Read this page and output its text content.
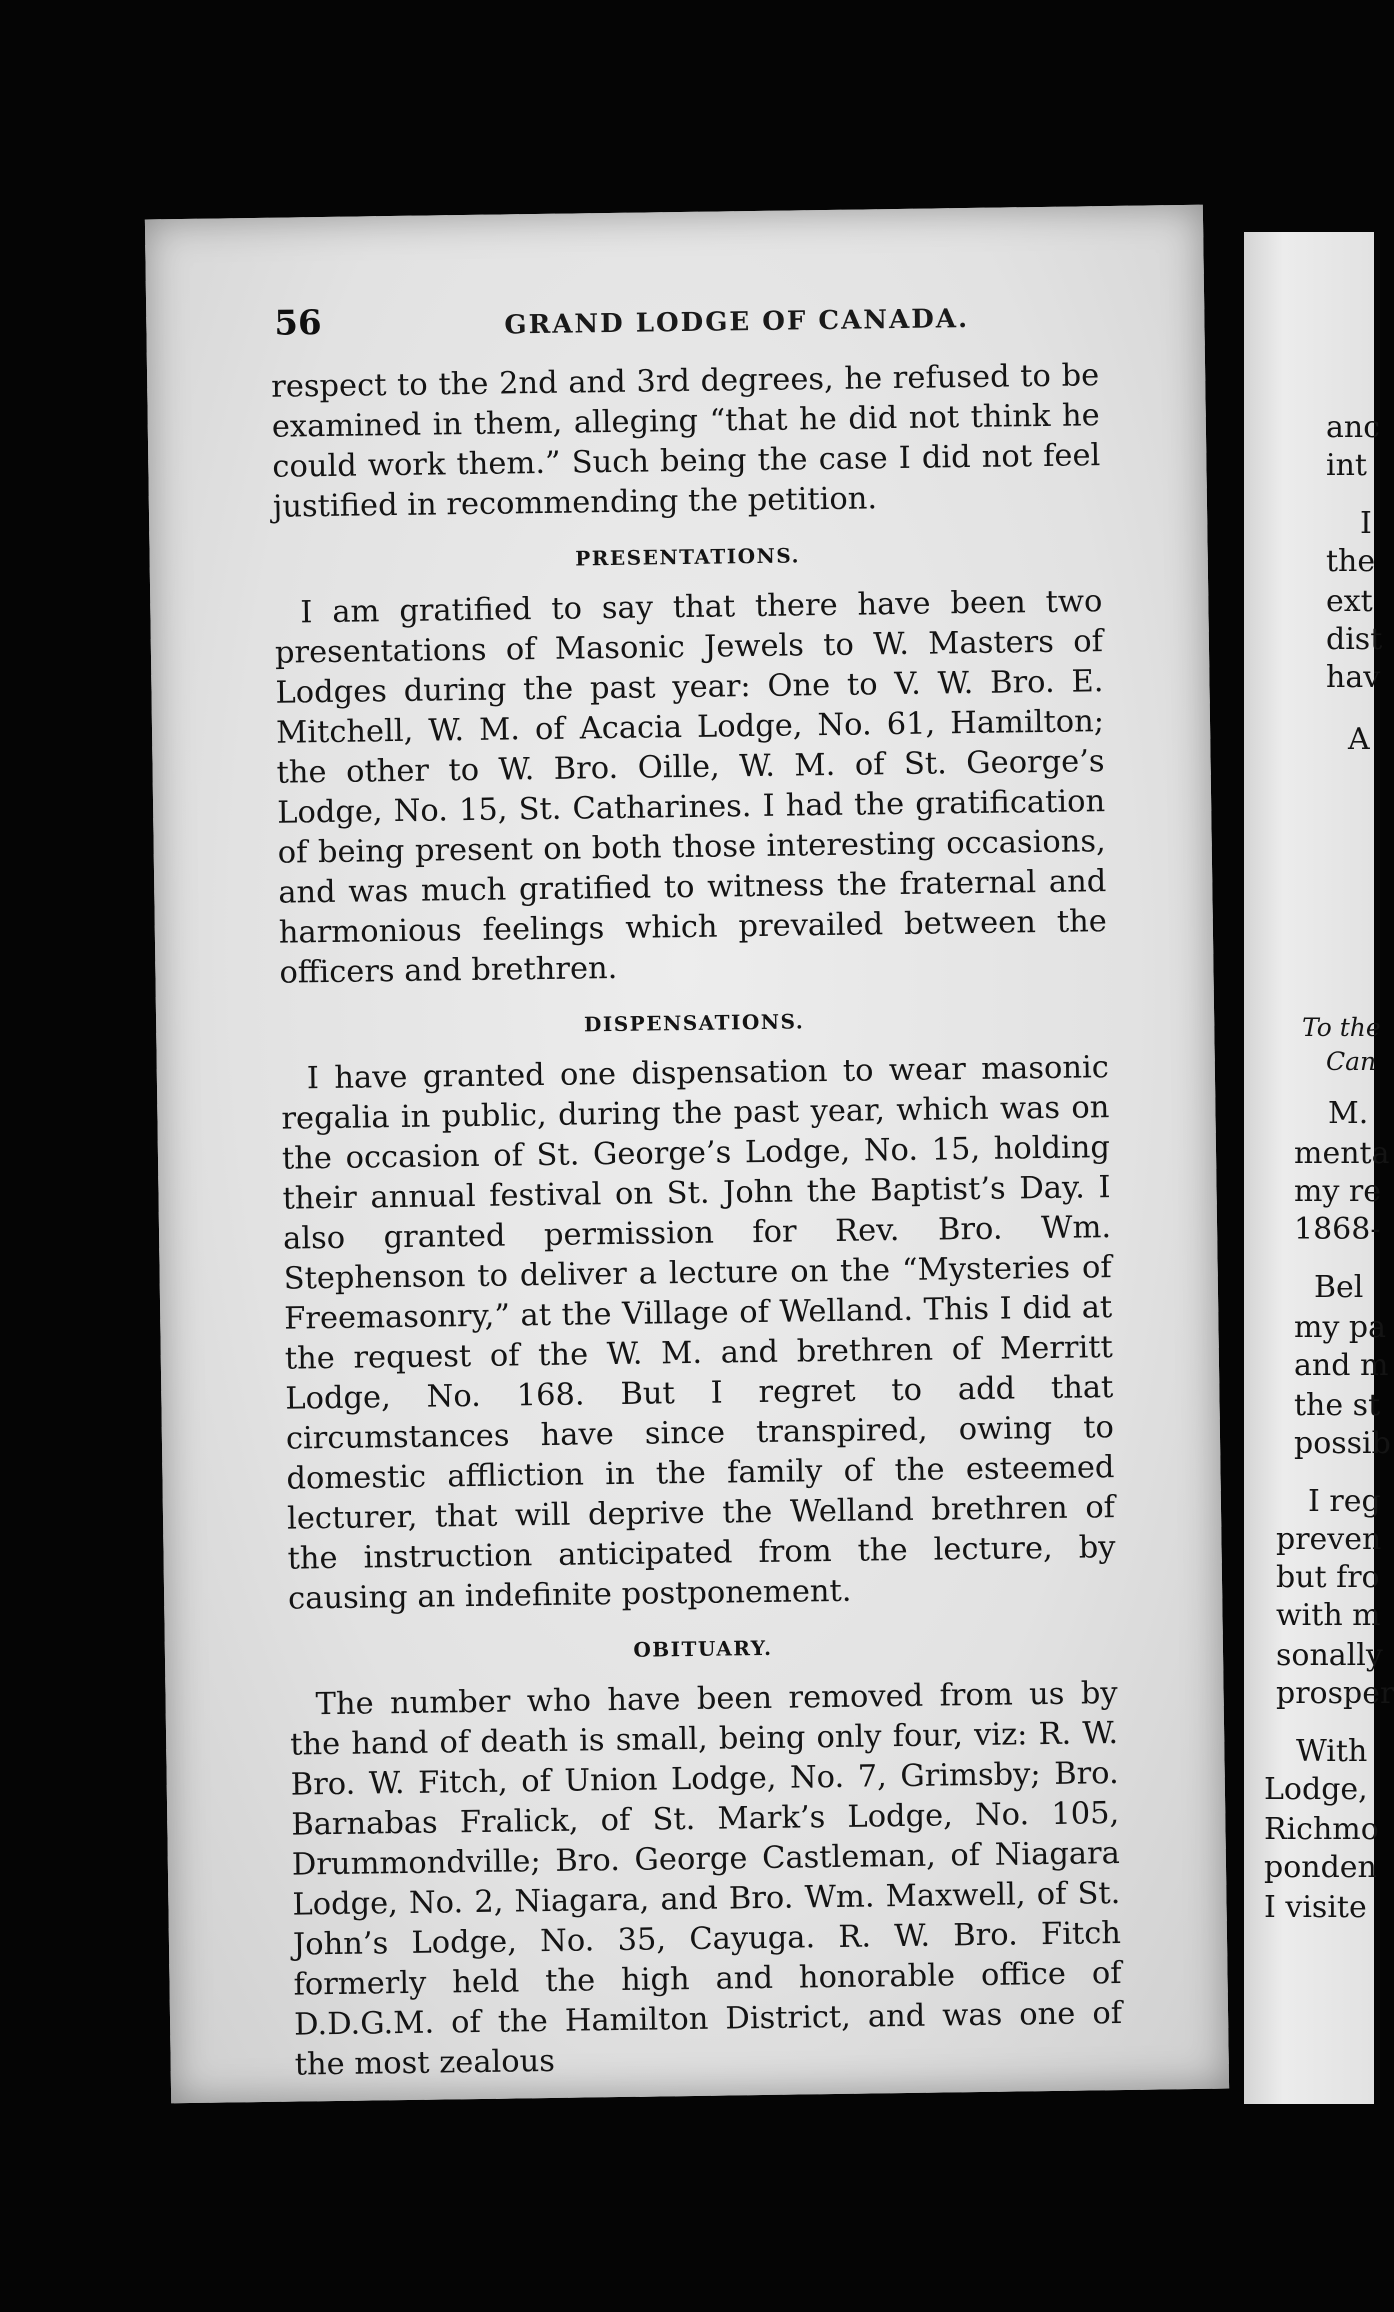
56	GRAND LODGE OF CANADA.

respect to the 2nd and 3rd degrees, he refused to be examined in them, alleging “that he did not think he could work them.” Such being the case I did not feel justified in recommending the petition.

PRESENTATIONS.

I am gratified to say that there have been two presentations of Masonic Jewels to W. Masters of Lodges during the past year: One to V. W. Bro. E. Mitchell, W. M. of Acacia Lodge, No. 61, Hamilton; the other to W. Bro. Oille, W. M. of St. George’s Lodge, No. 15, St. Catharines. I had the gratification of being present on both those interesting occasions, and was much gratified to witness the fraternal and harmonious feelings which prevailed between the officers and brethren.

DISPENSATIONS.

I have granted one dispensation to wear masonic regalia in public, during the past year, which was on the occasion of St. George’s Lodge, No. 15, holding their annual festival on St. John the Baptist’s Day. I also granted permission for Rev. Bro. Wm. Stephenson to deliver a lecture on the “Mysteries of Freemasonry,” at the Village of Welland. This I did at the request of the W. M. and brethren of Merritt Lodge, No. 168. But I regret to add that circumstances have since transpired, owing to domestic affliction in the family of the esteemed lecturer, that will deprive the Welland brethren of the instruction anticipated from the lecture, by causing an indefinite postponement.

OBITUARY.

The number who have been removed from us by the hand of death is small, being only four, viz: R. W. Bro. W. Fitch, of Union Lodge, No. 7, Grimsby; Bro. Barnabas Fralick, of St. Mark’s Lodge, No. 105, Drummondville; Bro. George Castleman, of Niagara Lodge, No. 2, Niagara, and Bro. Wm. Maxwell, of St. John’s Lodge, No. 35, Cayuga. R. W. Bro. Fitch formerly held the high and honorable office of D.D.G.M. of the Hamilton District, and was one of the most zealous

anc
int
I
the
ext
dist
hav
A
To the
Can
M.
menta
my re
1868-
Bel
my pa
and m
the st
possib
I reg
preven
but fro
with m
sonally
prosper
With
Lodge,
Richmo
ponden
I visite
